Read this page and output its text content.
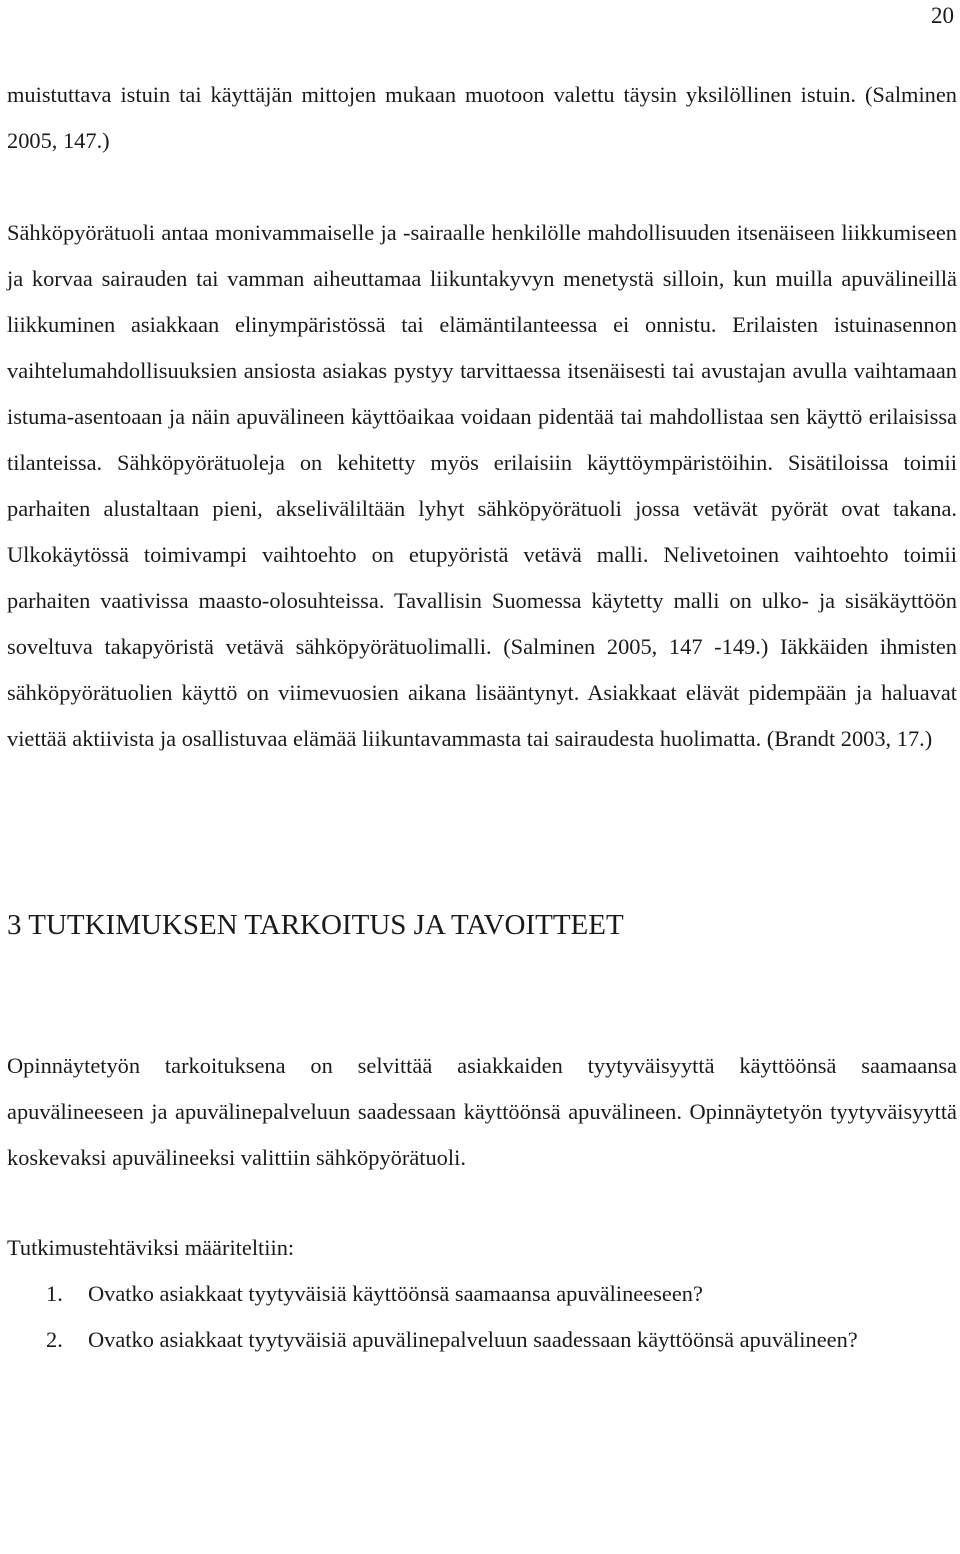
20

muistuttava istuin tai käyttäjän mittojen mukaan muotoon valettu täysin yksilöllinen istuin. (Salminen 2005, 147.)

Sähköpyörätuoli antaa monivammaiselle ja -sairaalle henkilölle mahdollisuuden itsenäiseen liikkumiseen ja korvaa sairauden tai vamman aiheuttamaa liikuntakyvyn menetystä silloin, kun muilla apuvälineillä liikkuminen asiakkaan elinympäristössä tai elämäntilanteessa ei onnistu. Erilaisten istuinasennon vaihtelumahdollisuuksien ansiosta asiakas pystyy tarvittaessa itsenäisesti tai avustajan avulla vaihtamaan istuma-asentoaan ja näin apuvälineen käyttöaikaa voidaan pidentää tai mahdollistaa sen käyttö erilaisissa tilanteissa. Sähköpyörätuoleja on kehitetty myös erilaisiin käyttöympäristöihin. Sisätiloissa toimii parhaiten alustaltaan pieni, akseliväliltään lyhyt sähköpyörätuoli jossa vetävät pyörät ovat takana. Ulkokäytössä toimivampi vaihtoehto on etupyöristä vetävä malli. Nelivetoinen vaihtoehto toimii parhaiten vaativissa maasto-olosuhteissa. Tavallisin Suomessa käytetty malli on ulko- ja sisäkäyttöön soveltuva takapyöristä vetävä sähköpyörätuolimalli. (Salminen 2005, 147 -149.) Iäkkäiden ihmisten sähköpyörätuolien käyttö on viimevuosien aikana lisääntynyt. Asiakkaat elävät pidempään ja haluavat viettää aktiivista ja osallistuvaa elämää liikuntavammasta tai sairaudesta huolimatta. (Brandt 2003, 17.)

3 TUTKIMUKSEN TARKOITUS JA TAVOITTEET

Opinnäytetyön tarkoituksena on selvittää asiakkaiden tyytyväisyyttä käyttöönsä saamaansa apuvälineeseen ja apuvälinepalveluun saadessaan käyttöönsä apuvälineen. Opinnäytetyön tyytyväisyyttä koskevaksi apuvälineeksi valittiin sähköpyörätuoli.

Tutkimustehtäviksi määriteltiin:

1.	Ovatko asiakkaat tyytyväisiä käyttöönsä saamaansa apuvälineeseen?
2.	Ovatko asiakkaat tyytyväisiä apuvälinepalveluun saadessaan käyttöönsä apuvälineen?
